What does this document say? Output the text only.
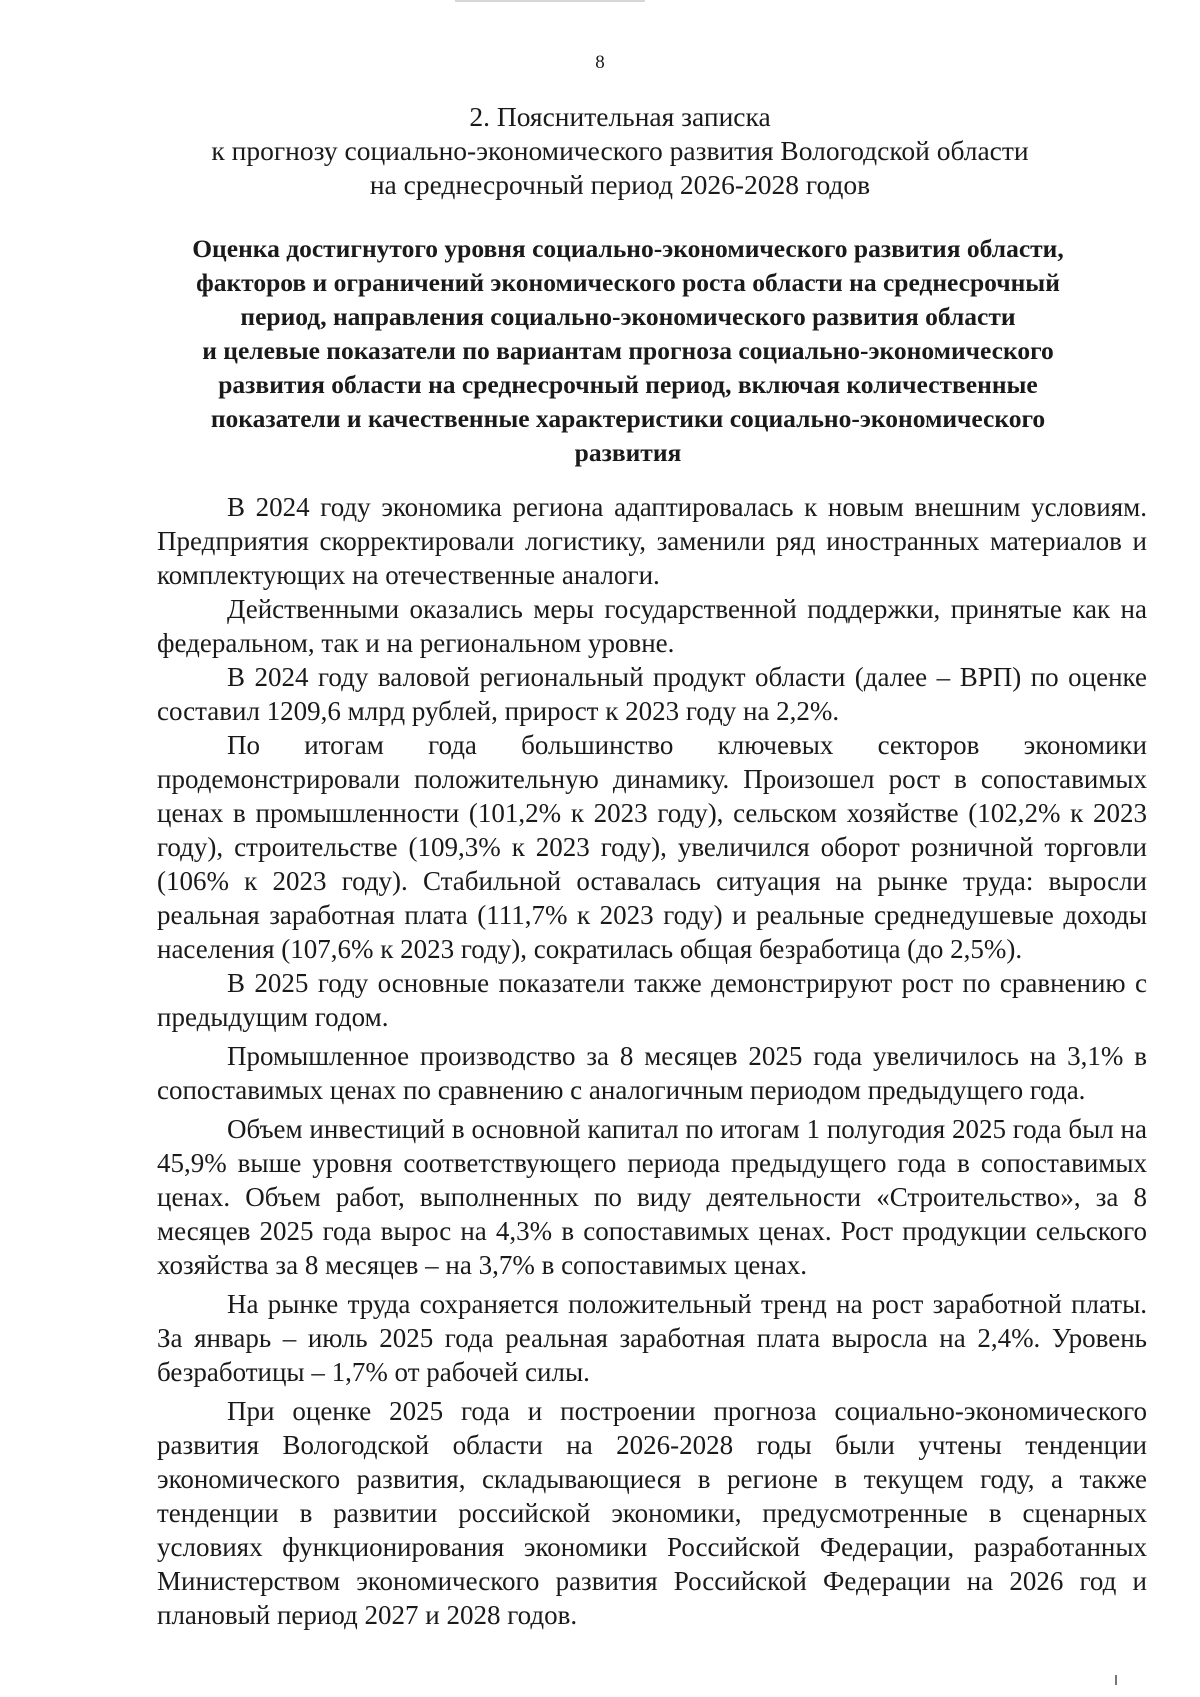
8
2. Пояснительная записка
к прогнозу социально-экономического развития Вологодской области
на среднесрочный период 2026-2028 годов
Оценка достигнутого уровня социально-экономического развития области,
факторов и ограничений экономического роста области на среднесрочный
период, направления социально-экономического развития области
и целевые показатели по вариантам прогноза социально-экономического
развития области на среднесрочный период, включая количественные
показатели и качественные характеристики социально-экономического
развития

В 2024 году экономика региона адаптировалась к новым внешним условиям. Предприятия скорректировали логистику, заменили ряд иностранных материалов и комплектующих на отечественные аналоги.

Действенными оказались меры государственной поддержки, принятые как на федеральном, так и на региональном уровне.

В 2024 году валовой региональный продукт области (далее – ВРП) по оценке составил 1209,6 млрд рублей, прирост к 2023 году на 2,2%.

По итогам года большинство ключевых секторов экономики продемонстрировали положительную динамику. Произошел рост в сопоставимых ценах в промышленности (101,2% к 2023 году), сельском хозяйстве (102,2% к 2023 году), строительстве (109,3% к 2023 году), увеличился оборот розничной торговли (106% к 2023 году). Стабильной оставалась ситуация на рынке труда: выросли реальная заработная плата (111,7% к 2023 году) и реальные среднедушевые доходы населения (107,6% к 2023 году), сократилась общая безработица (до 2,5%).

В 2025 году основные показатели также демонстрируют рост по сравнению с предыдущим годом.

Промышленное производство за 8 месяцев 2025 года увеличилось на 3,1% в сопоставимых ценах по сравнению с аналогичным периодом предыдущего года.

Объем инвестиций в основной капитал по итогам 1 полугодия 2025 года был на 45,9% выше уровня соответствующего периода предыдущего года в сопоставимых ценах. Объем работ, выполненных по виду деятельности «Строительство», за 8 месяцев 2025 года вырос на 4,3% в сопоставимых ценах. Рост продукции сельского хозяйства за 8 месяцев – на 3,7% в сопоставимых ценах.

На рынке труда сохраняется положительный тренд на рост заработной платы. За январь – июль 2025 года реальная заработная плата выросла на 2,4%. Уровень безработицы – 1,7% от рабочей силы.

При оценке 2025 года и построении прогноза социально-экономического развития Вологодской области на 2026-2028 годы были учтены тенденции экономического развития, складывающиеся в регионе в текущем году, а также тенденции в развитии российской экономики, предусмотренные в сценарных условиях функционирования экономики Российской Федерации, разработанных Министерством экономического развития Российской Федерации на 2026 год и плановый период 2027 и 2028 годов.
